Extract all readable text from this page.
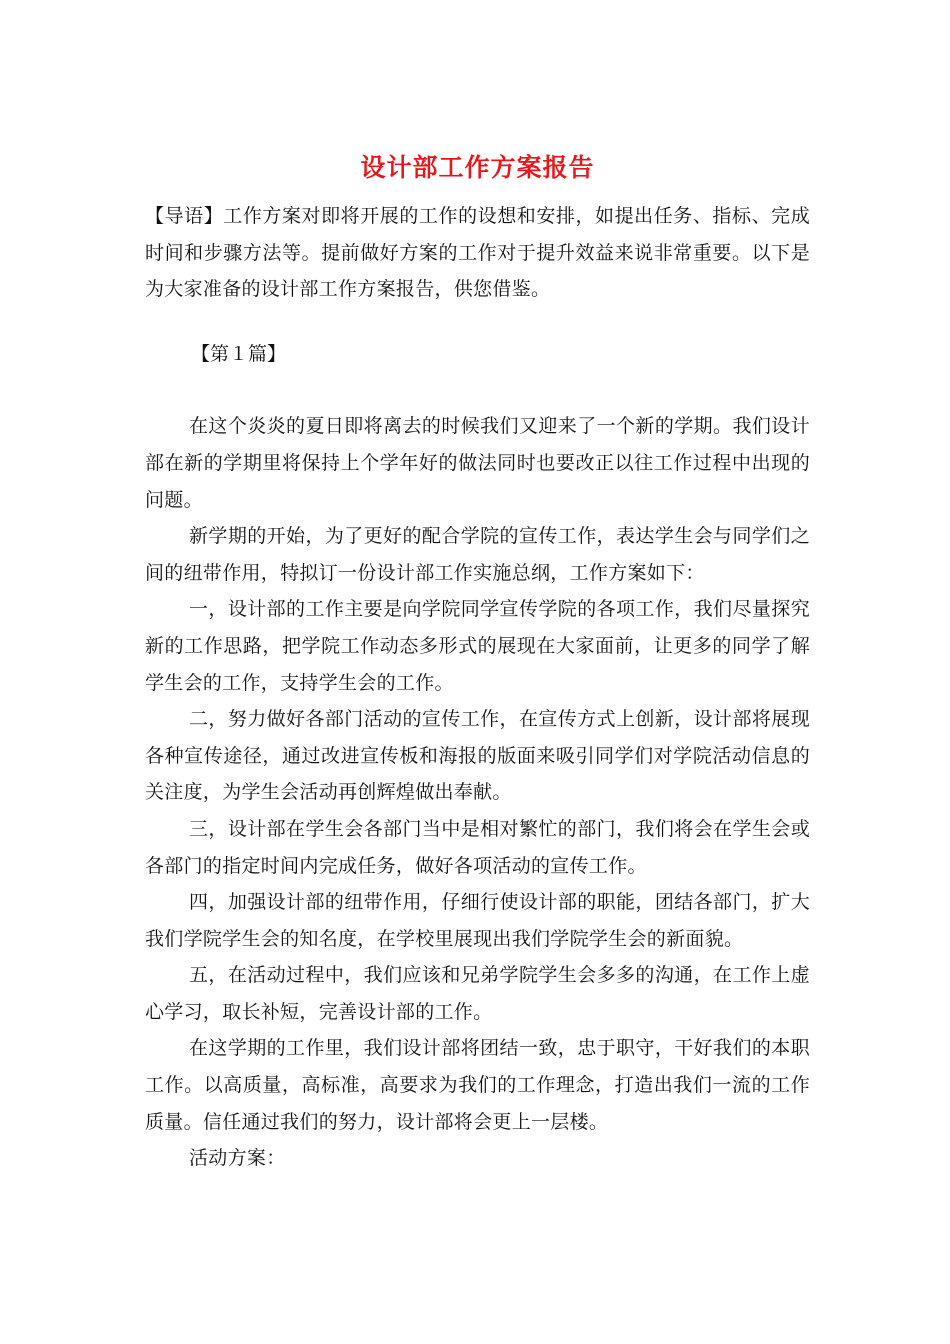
设计部工作方案报告

【导语】工作方案对即将开展的工作的设想和安排，如提出任务、指标、完成时间和步骤方法等。提前做好方案的工作对于提升效益来说非常重要。以下是为大家准备的设计部工作方案报告，供您借鉴。

【第１篇】

在这个炎炎的夏日即将离去的时候我们又迎来了一个新的学期。我们设计部在新的学期里将保持上个学年好的做法同时也要改正以往工作过程中出现的问题。

新学期的开始，为了更好的配合学院的宣传工作，表达学生会与同学们之间的纽带作用，特拟订一份设计部工作实施总纲，工作方案如下：

一，设计部的工作主要是向学院同学宣传学院的各项工作，我们尽量探究新的工作思路，把学院工作动态多形式的展现在大家面前，让更多的同学了解学生会的工作，支持学生会的工作。

二，努力做好各部门活动的宣传工作，在宣传方式上创新，设计部将展现各种宣传途径，通过改进宣传板和海报的版面来吸引同学们对学院活动信息的关注度，为学生会活动再创辉煌做出奉献。

三，设计部在学生会各部门当中是相对繁忙的部门，我们将会在学生会或各部门的指定时间内完成任务，做好各项活动的宣传工作。

四，加强设计部的纽带作用，仔细行使设计部的职能，团结各部门，扩大我们学院学生会的知名度，在学校里展现出我们学院学生会的新面貌。

五，在活动过程中，我们应该和兄弟学院学生会多多的沟通，在工作上虚心学习，取长补短，完善设计部的工作。

在这学期的工作里，我们设计部将团结一致，忠于职守，干好我们的本职工作。以高质量，高标准，高要求为我们的工作理念，打造出我们一流的工作质量。信任通过我们的努力，设计部将会更上一层楼。

活动方案：
